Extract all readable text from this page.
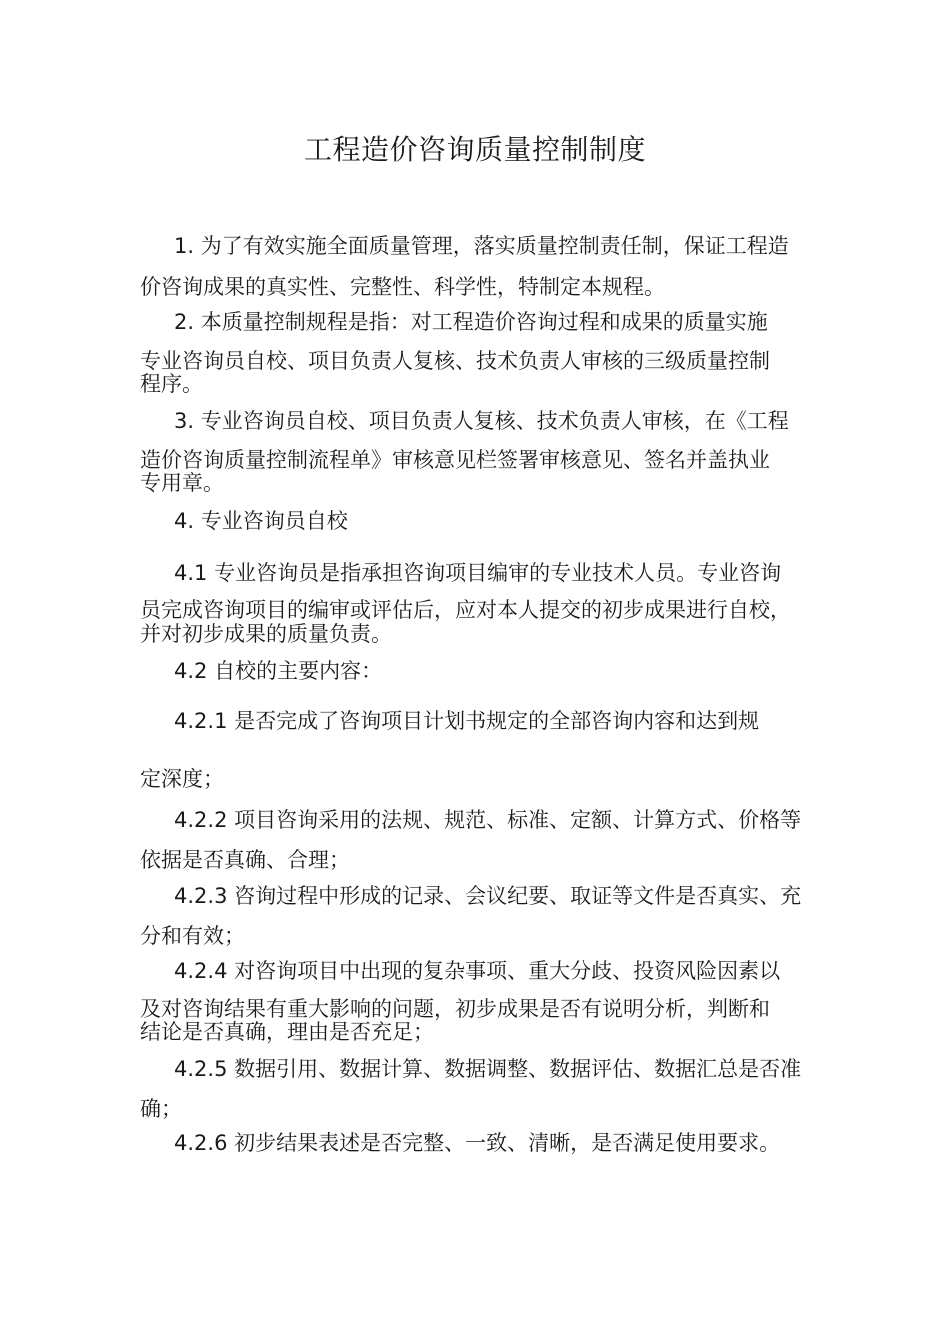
工程造价咨询质量控制制度
1. 为了有效实施全面质量管理，落实质量控制责任制，保证工程造
价咨询成果的真实性、完整性、科学性，特制定本规程。
2. 本质量控制规程是指：对工程造价咨询过程和成果的质量实施
专业咨询员自校、项目负责人复核、技术负责人审核的三级质量控制
程序。
3. 专业咨询员自校、项目负责人复核、技术负责人审核，在《工程
造价咨询质量控制流程单》审核意见栏签署审核意见、签名并盖执业
专用章。
4. 专业咨询员自校
4.1 专业咨询员是指承担咨询项目编审的专业技术人员。专业咨询
员完成咨询项目的编审或评估后，应对本人提交的初步成果进行自校，
并对初步成果的质量负责。
4.2 自校的主要内容：
4.2.1 是否完成了咨询项目计划书规定的全部咨询内容和达到规
定深度；
4.2.2 项目咨询采用的法规、规范、标准、定额、计算方式、价格等
依据是否真确、合理；
4.2.3 咨询过程中形成的记录、会议纪要、取证等文件是否真实、充
分和有效；
4.2.4 对咨询项目中出现的复杂事项、重大分歧、投资风险因素以
及对咨询结果有重大影响的问题，初步成果是否有说明分析，判断和
结论是否真确，理由是否充足；
4.2.5 数据引用、数据计算、数据调整、数据评估、数据汇总是否准
确；
4.2.6 初步结果表述是否完整、一致、清晰，是否满足使用要求。
